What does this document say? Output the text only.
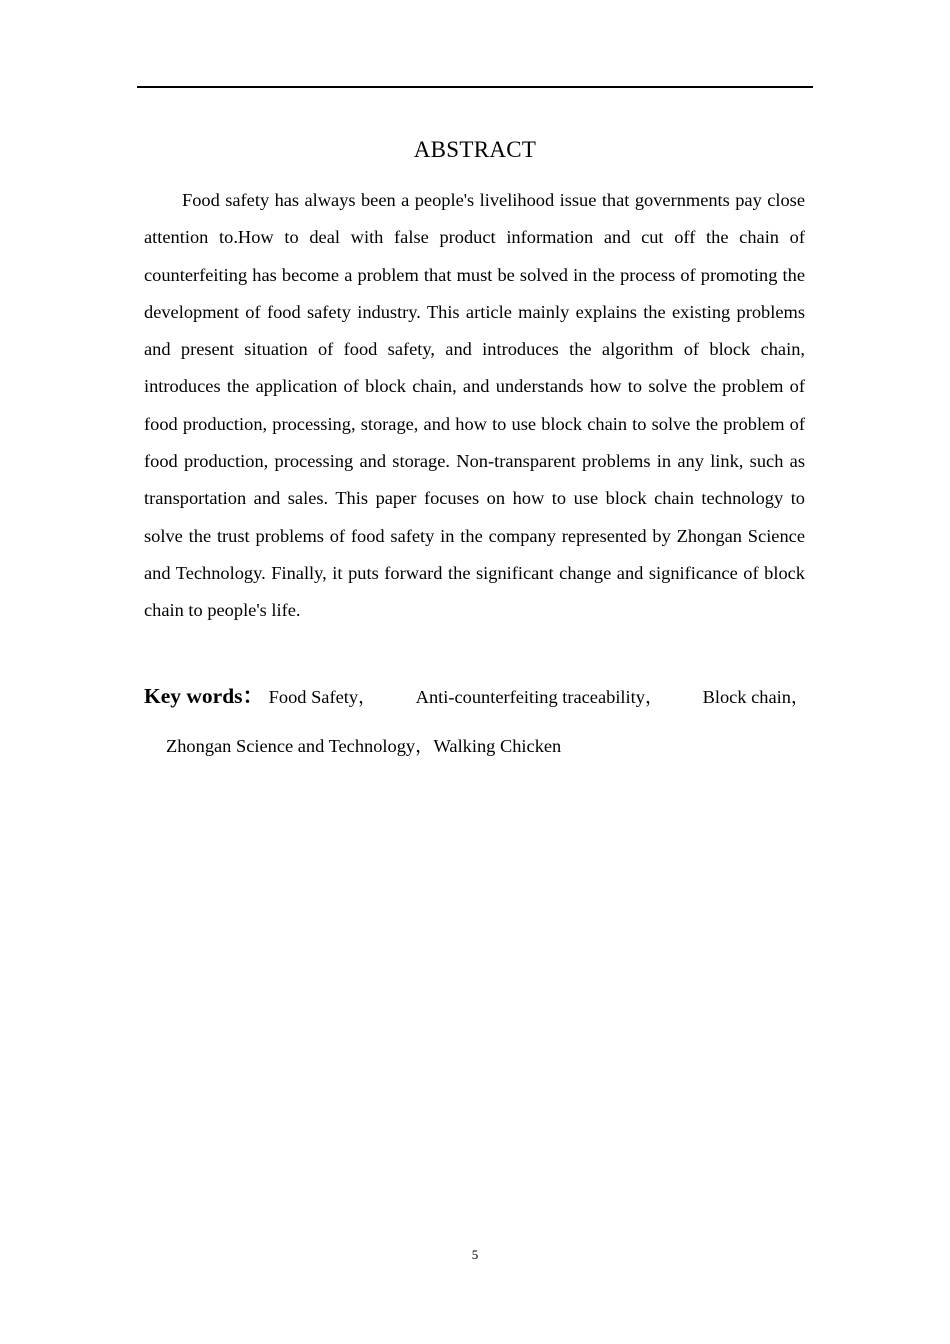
ABSTRACT

Food safety has always been a people's livelihood issue that governments pay close attention to.How to deal with false product information and cut off the chain of counterfeiting has become a problem that must be solved in the process of promoting the development of food safety industry. This article mainly explains the existing problems and present situation of food safety, and introduces the algorithm of block chain, introduces the application of block chain, and understands how to solve the problem of food production, processing, storage, and how to use block chain to solve the problem of food production, processing and storage. Non-transparent problems in any link, such as transportation and sales. This paper focuses on how to use block chain technology to solve the trust problems of food safety in the company represented by Zhongan Science and Technology. Finally, it puts forward the significant change and significance of block chain to people's life.

Key words： Food Safety， Anti-counterfeiting traceability， Block chain，
Zhongan Science and Technology，Walking Chicken
5
